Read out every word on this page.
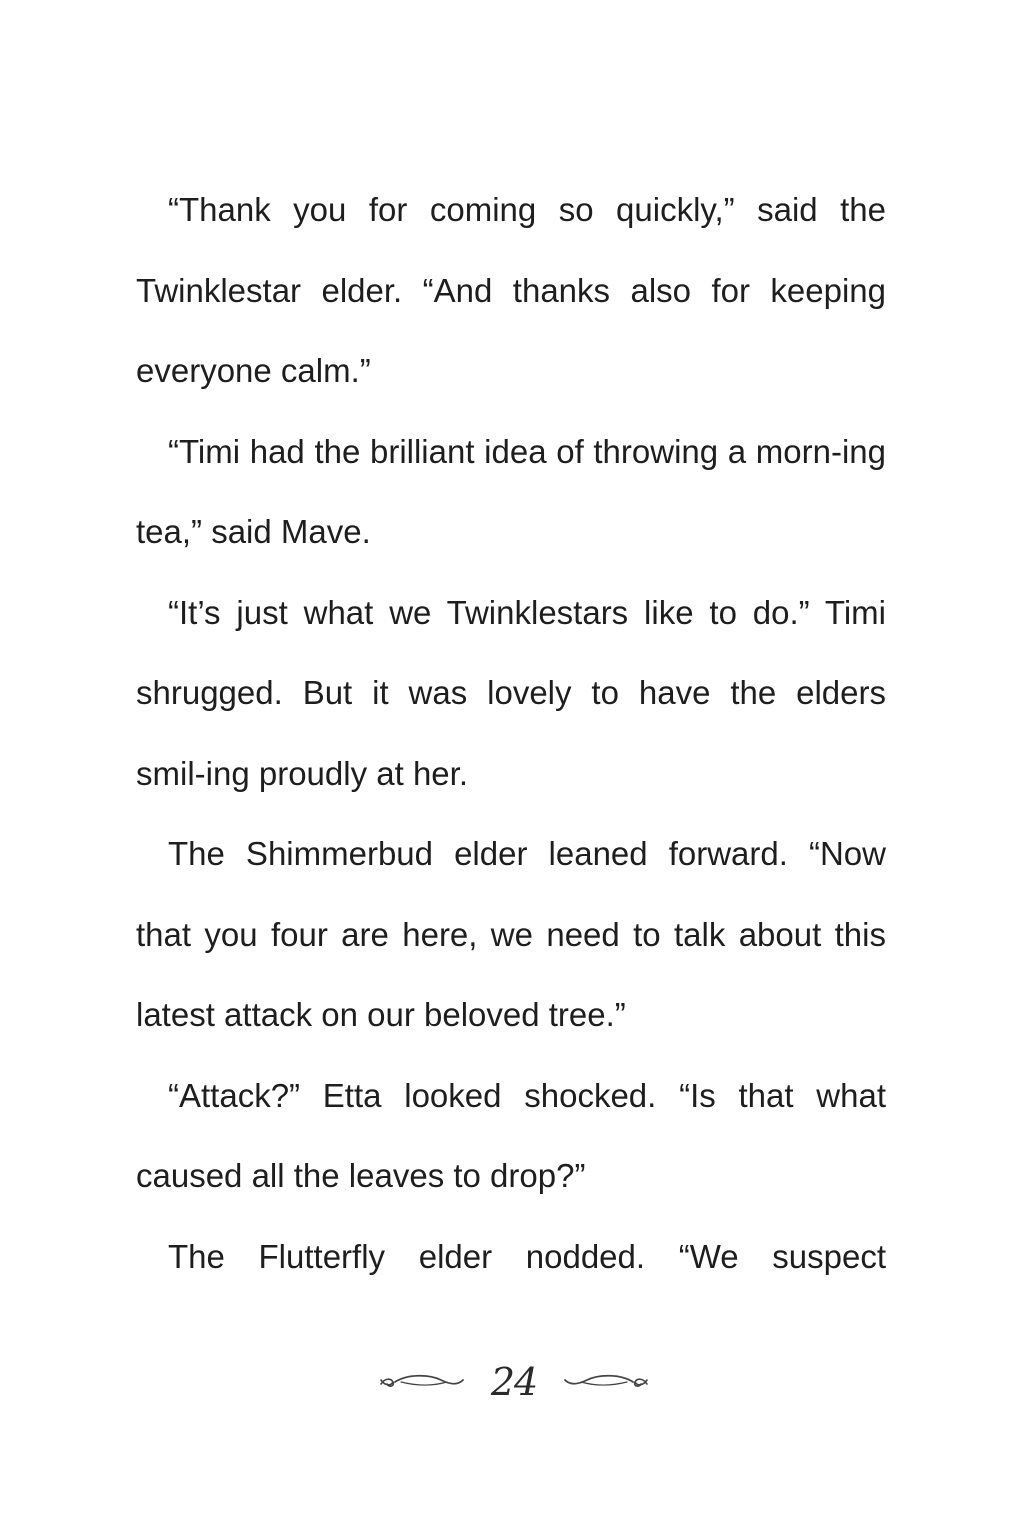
“Thank you for coming so quickly,” said the Twinklestar elder. “And thanks also for keeping everyone calm.”

“Timi had the brilliant idea of throwing a morn-ing tea,” said Mave.

“It’s just what we Twinklestars like to do.” Timi shrugged. But it was lovely to have the elders smil-ing proudly at her.

The Shimmerbud elder leaned forward. “Now that you four are here, we need to talk about this latest attack on our beloved tree.”

“Attack?” Etta looked shocked. “Is that what caused all the leaves to drop?”

The Flutterfly elder nodded. “We suspect

24
